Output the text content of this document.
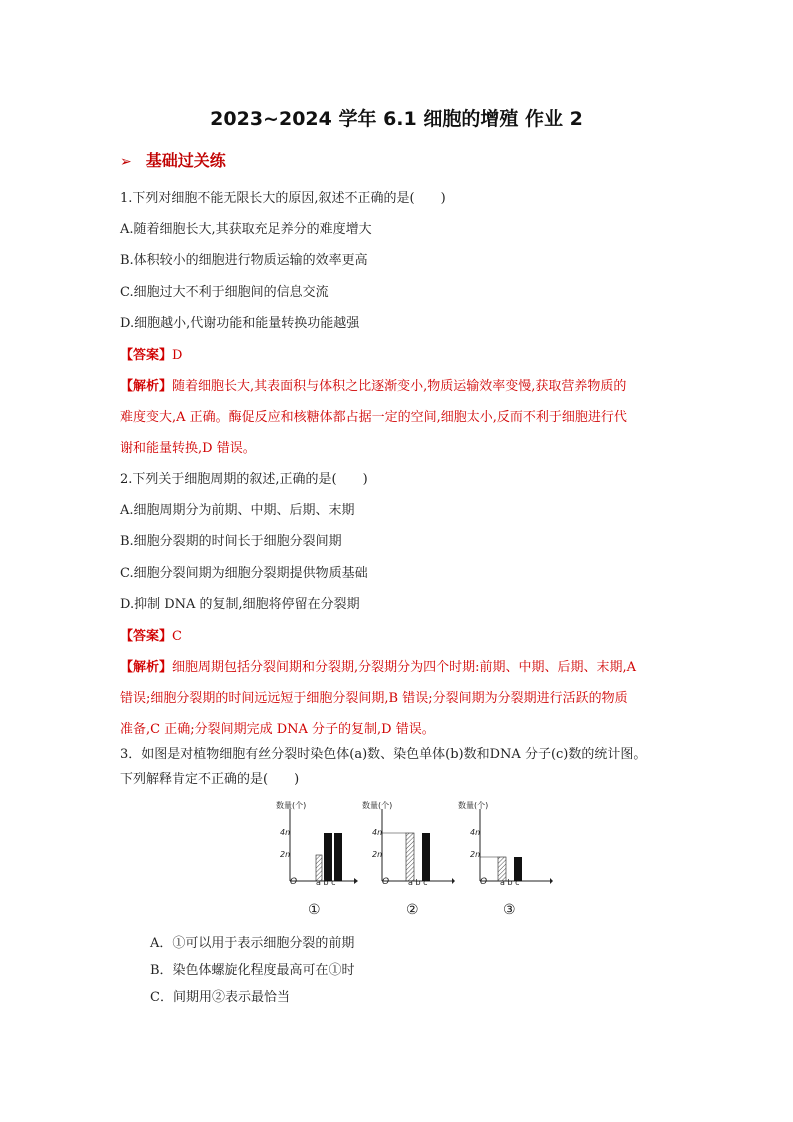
2023~2024 学年 6.1 细胞的增殖 作业 2
➢ 基础过关练
1.下列对细胞不能无限长大的原因,叙述不正确的是(　　)
A.随着细胞长大,其获取充足养分的难度增大
B.体积较小的细胞进行物质运输的效率更高
C.细胞过大不利于细胞间的信息交流
D.细胞越小,代谢功能和能量转换功能越强
【答案】D
【解析】随着细胞长大,其表面积与体积之比逐渐变小,物质运输效率变慢,获取营养物质的
难度变大,A 正确。酶促反应和核糖体都占据一定的空间,细胞太小,反而不利于细胞进行代
谢和能量转换,D 错误。
2.下列关于细胞周期的叙述,正确的是(　　)
A.细胞周期分为前期、中期、后期、末期
B.细胞分裂期的时间长于细胞分裂间期
C.细胞分裂间期为细胞分裂期提供物质基础
D.抑制 DNA 的复制,细胞将停留在分裂期
【答案】C
【解析】细胞周期包括分裂间期和分裂期,分裂期分为四个时期:前期、中期、后期、末期,A
错误;细胞分裂期的时间远远短于细胞分裂间期,B 错误;分裂间期为分裂期进行活跃的物质
准备,C 正确;分裂间期完成 DNA 分子的复制,D 错误。
3．如图是对植物细胞有丝分裂时染色体(a)数、染色单体(b)数和DNA 分子(c)数的统计图。
下列解释肯定不正确的是(　　)
数量(个)
4n
2n
O a b c
数量(个)
4n
2n
O a b c
数量(个)
4n
2n
O a b c
①	②	③
A．①可以用于表示细胞分裂的前期
B．染色体螺旋化程度最高可在①时
C．间期用②表示最恰当
